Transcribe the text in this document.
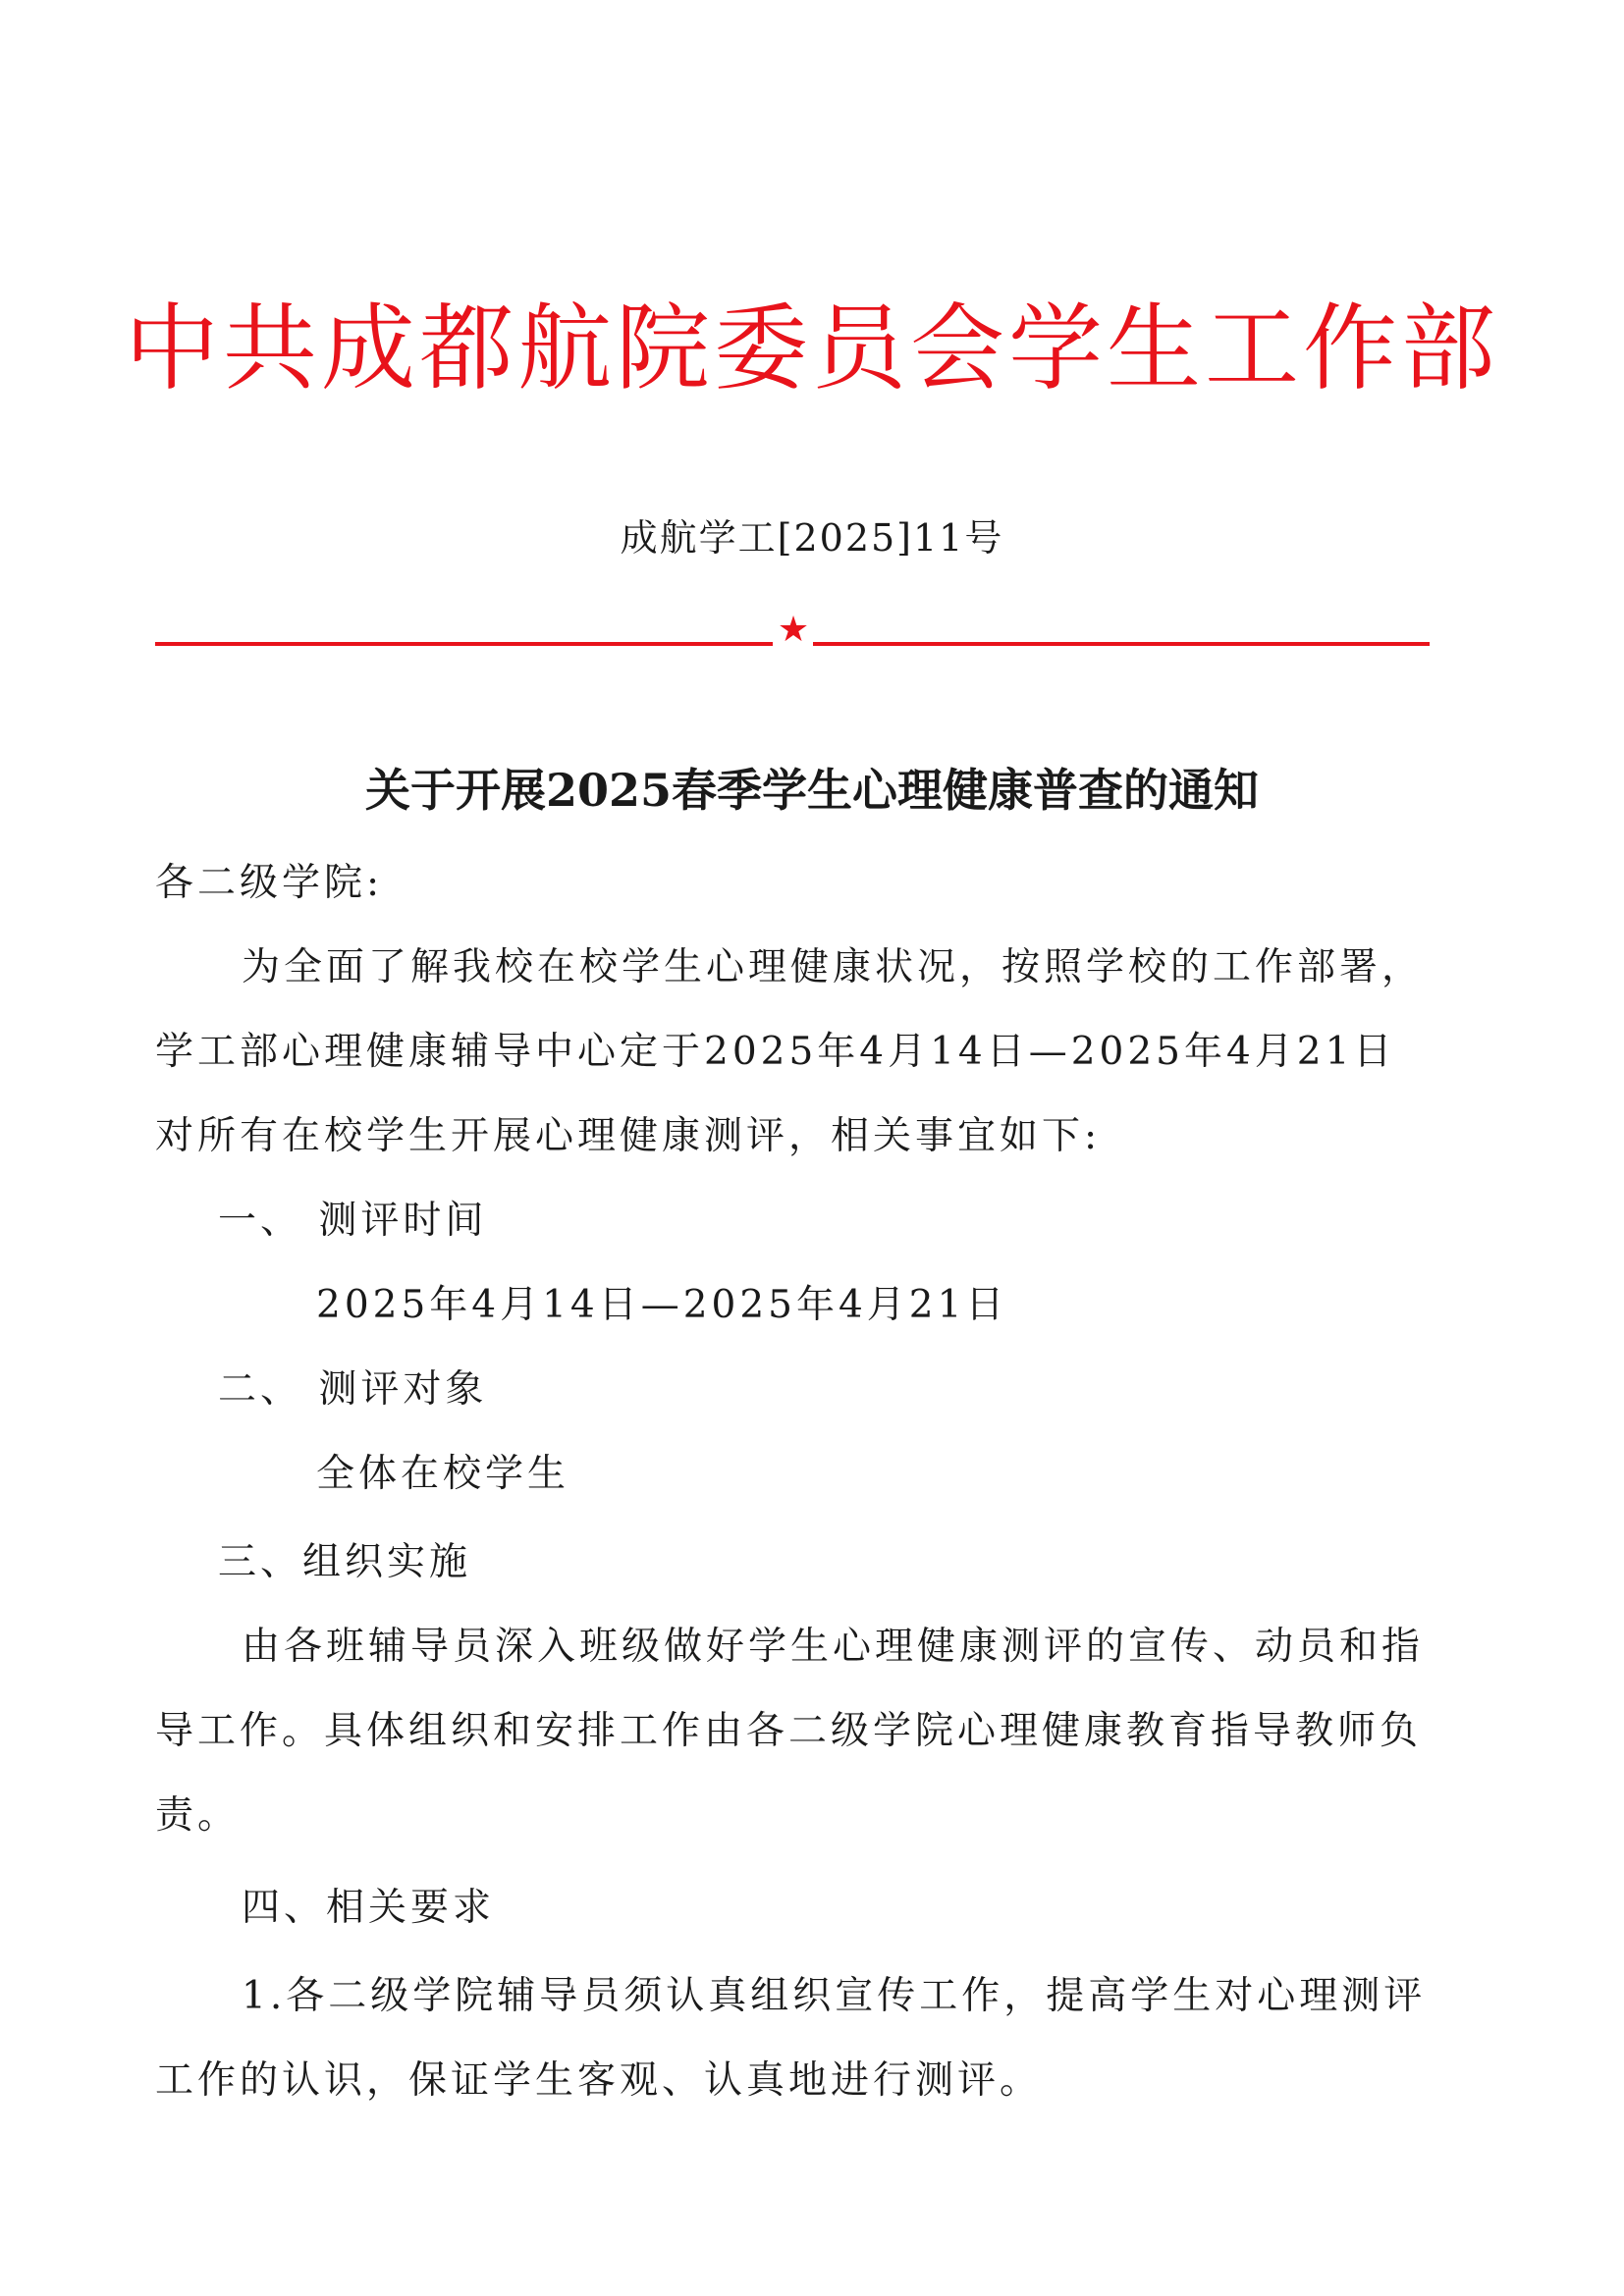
中共成都航院委员会学生工作部
成航学工[2025]11号
★
关于开展2025春季学生心理健康普查的通知
各二级学院:
为全面了解我校在校学生心理健康状况，按照学校的工作部署，
学工部心理健康辅导中心定于2025年4月14日—2025年4月21日
对所有在校学生开展心理健康测评，相关事宜如下:
一、 测评时间
2025年4月14日—2025年4月21日
二、 测评对象
全体在校学生
三、组织实施
由各班辅导员深入班级做好学生心理健康测评的宣传、动员和指
导工作。具体组织和安排工作由各二级学院心理健康教育指导教师负
责。
四、相关要求
1.各二级学院辅导员须认真组织宣传工作，提高学生对心理测评
工作的认识，保证学生客观、认真地进行测评。
